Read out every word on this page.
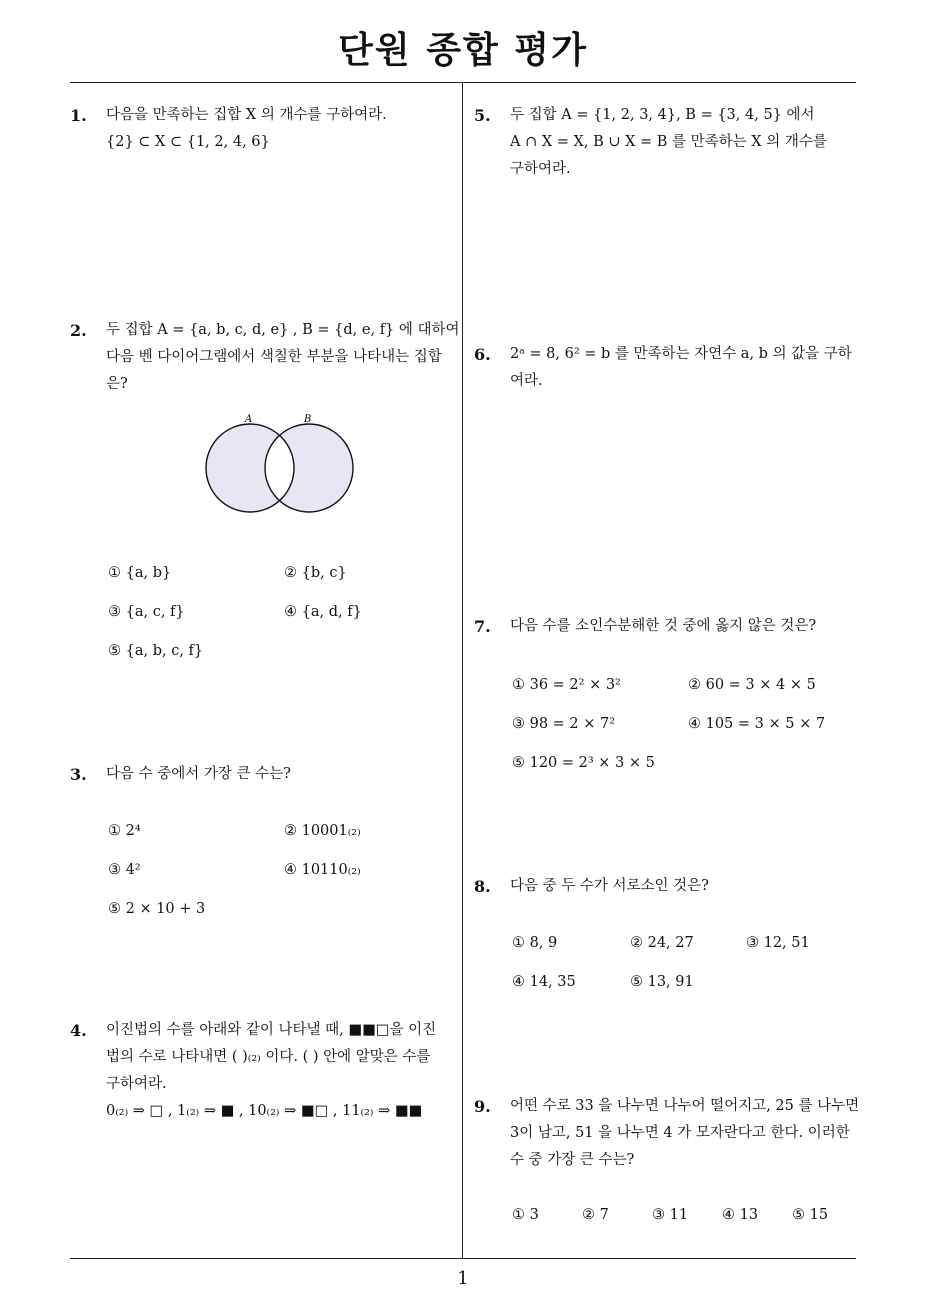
단원 종합 평가
1
1. 다음을 만족하는 집합 X 의 개수를 구하여라.
{2} ⊂ X ⊂ {1, 2, 4, 6}
2. 두 집합 A = {a, b, c, d, e} , B = {d, e, f} 에 대하여
다음 벤 다이어그램에서 색칠한 부분을 나타내는 집합
은?
A	B
① {a, b}	② {b, c}
③ {a, c, f}	④ {a, d, f}
⑤ {a, b, c, f}
3. 다음 수 중에서 가장 큰 수는?
① 2⁴	② 10001₍₂₎
③ 4²	④ 10110₍₂₎
⑤ 2 × 10 + 3
4. 이진법의 수를 아래와 같이 나타낼 때, ■■□을 이진
법의 수로 나타내면 ( )₍₂₎ 이다. ( ) 안에 알맞은 수를
구하여라.
0₍₂₎ ⇒ □ , 1₍₂₎ ⇒ ■ , 10₍₂₎ ⇒ ■□ , 11₍₂₎ ⇒ ■■
5. 두 집합 A = {1, 2, 3, 4}, B = {3, 4, 5} 에서
A ∩ X = X, B ∪ X = B 를 만족하는 X 의 개수를
구하여라.
6. 2ᵃ = 8, 6² = b 를 만족하는 자연수 a, b 의 값을 구하
여라.
7. 다음 수를 소인수분해한 것 중에 옳지 않은 것은?
① 36 = 2² × 3²	② 60 = 3 × 4 × 5
③ 98 = 2 × 7²	④ 105 = 3 × 5 × 7
⑤ 120 = 2³ × 3 × 5
8. 다음 중 두 수가 서로소인 것은?
① 8, 9	② 24, 27	③ 12, 51
④ 14, 35	⑤ 13, 91
9. 어떤 수로 33 을 나누면 나누어 떨어지고, 25 를 나누면
3이 남고, 51 을 나누면 4 가 모자란다고 한다. 이러한
수 중 가장 큰 수는?
① 3	② 7	③ 11 ④ 13 ⑤ 15
